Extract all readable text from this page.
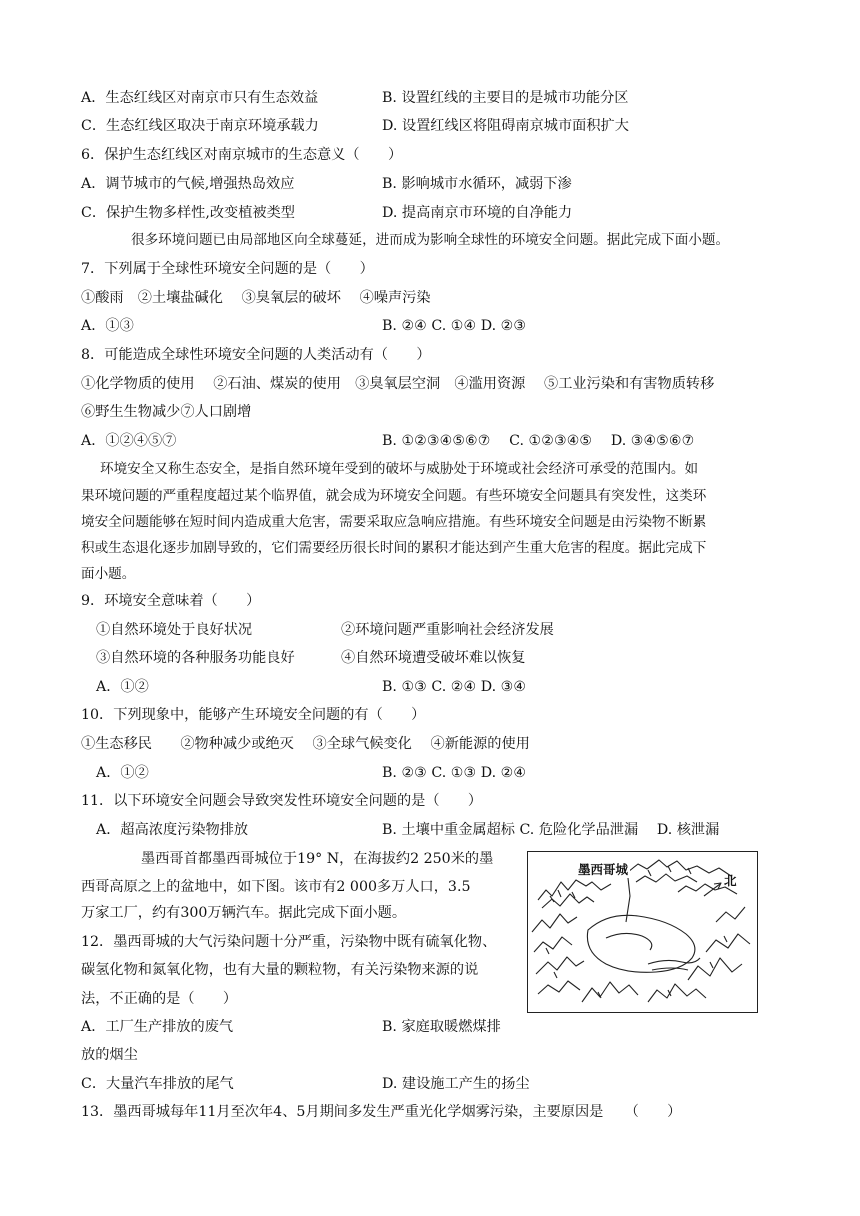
A．生态红线区对南京市只有生态效益	B. 设置红线的主要目的是城市功能分区
C．生态红线区取决于南京环境承载力	D. 设置红线区将阻碍南京城市面积扩大
6．保护生态红线区对南京城市的生态意义（　　）
A．调节城市的气候,增强热岛效应	B. 影响城市水循环，减弱下渗
C．保护生物多样性,改变植被类型	D. 提高南京市环境的自净能力
很多环境问题已由局部地区向全球蔓延，进而成为影响全球性的环境安全问题。据此完成下面小题。
7．下列属于全球性环境安全问题的是（　　）
①酸雨　②土壤盐碱化　 ③臭氧层的破坏　 ④噪声污染
A．①③	B. ②④ C. ①④ D. ②③
8．可能造成全球性环境安全问题的人类活动有（　　）
①化学物质的使用　 ②石油、煤炭的使用　③臭氧层空洞　④滥用资源　 ⑤工业污染和有害物质转移
⑥野生生物减少⑦人口剧增
A．①②④⑤⑦	B. ①②③④⑤⑥⑦　 C. ①②③④⑤　 D. ③④⑤⑥⑦
环境安全又称生态安全，是指自然环境年受到的破坏与威胁处于环境或社会经济可承受的范围内。如
果环境问题的严重程度超过某个临界值，就会成为环境安全问题。有些环境安全问题具有突发性，这类环
境安全问题能够在短时间内造成重大危害，需要采取应急响应措施。有些环境安全问题是由污染物不断累
积或生态退化逐步加剧导致的，它们需要经历很长时间的累积才能达到产生重大危害的程度。据此完成下
面小题。
9．环境安全意味着（　　）
①自然环境处于良好状况	②环境问题严重影响社会经济发展
③自然环境的各种服务功能良好	④自然环境遭受破坏难以恢复
A．①②	B. ①③ C. ②④ D. ③④
10．下列现象中，能够产生环境安全问题的有（　　）
①生态移民　　②物种减少或绝灭　 ③全球气候变化　 ④新能源的使用
A．①②	B. ②③ C. ①③ D. ②④
11．以下环境安全问题会导致突发性环境安全问题的是（　　）
A．超高浓度污染物排放	B. 土壤中重金属超标 C. 危险化学品泄漏　 D. 核泄漏
墨西哥首都墨西哥城位于19° N，在海拔约2 250米的墨
西哥高原之上的盆地中，如下图。该市有2 000多万人口，3.5
万家工厂，约有300万辆汽车。据此完成下面小题。
墨西哥城
北
12．墨西哥城的大气污染问题十分严重，污染物中既有硫氧化物、
碳氢化物和氮氧化物，也有大量的颗粒物，有关污染物来源的说
法，不正确的是（　　）
A．工厂生产排放的废气	B. 家庭取暖燃煤排
放的烟尘
C．大量汽车排放的尾气	D. 建设施工产生的扬尘
13．墨西哥城每年11月至次年4、5月期间多发生严重光化学烟雾污染，主要原因是　　（　　）
